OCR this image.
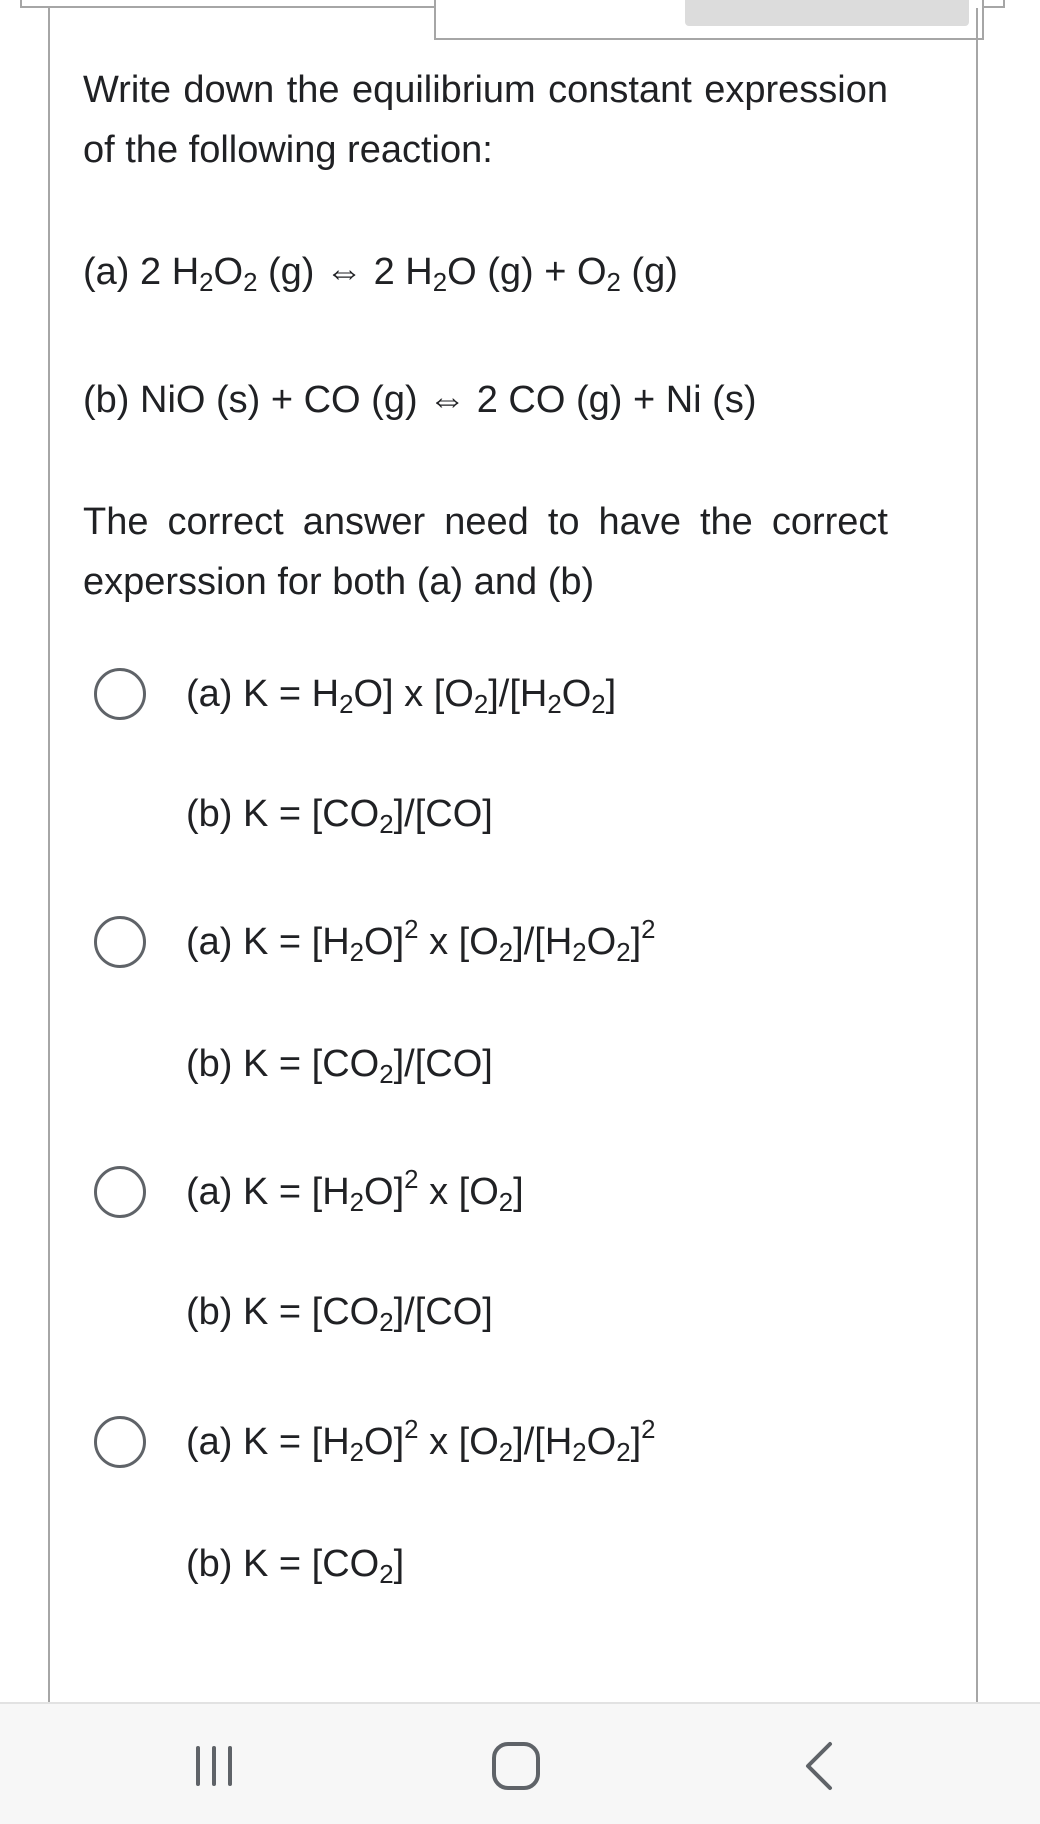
Write down the equilibrium constant expression of the following reaction:

(a) 2 $H_2O_2$ (g) ⇔ 2 $H_2O$ $(g) + O_2$ (g)

(b) NiO (s) + CO (g) ⇔ 2 CO (g) + Ni (s)

The correct answer need to have the correct experssion for both (a) and (b)

(a) $K = H_2O$] x $[O_2]/[H_2O_2]$
(b) $K = [CO_2]/[CO]$
(a) $K = [H_2O]^2$ x $[O_2]/[H_2O_2]^2$
(b) $K = [CO_2]/[CO]$
(a) $K = [H_2O]^2$ x $[O_2]$
(b) $K = [CO_2]/[CO]$
(a) $K = [H_2O]^2$ x $[O_2]/[H_2O_2]^2$
(b) $K = [CO_2]$
